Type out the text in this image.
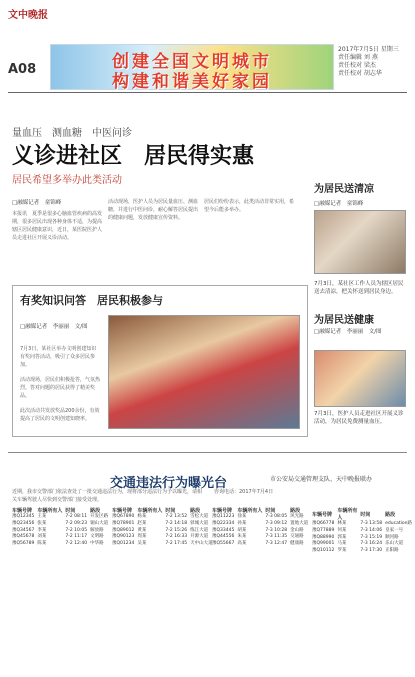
文中晚报
A08	创建全国文明城市
构建和谐美好家园
2017年7月5日 星期三
责任编辑 刘 燕
责任校对 梁杰
责任校对 胡志华
量血压　测血糖　中医问诊
义诊进社区　居民得实惠
居民希望多举办此类活动
□融媒记者　童锦峰
本报讯　夏季是很多心脑血管疾病的高发期，很多居民出现各种身体不适，为提高辖区居民健康意识，近日，某医院医护人员走进社区开展义诊活动。
活动现场，医护人员为居民量血压、测血糖，并进行中医问诊，耐心解答居民提出的健康问题，发放健康宣传资料。
居民们纷纷表示，此类活动非常实用，希望今后能多举办。
为居民送清凉
□融媒记者　童锦峰
7月3日，某社区工作人员为辖区居民送去清凉，把关怀送到居民身边。
为居民送健康
□融媒记者　李丽丽　文/图
7月3日，医护人员走进社区开展义诊活动，为居民免费测量血压。
有奖知识问答　居民积极参与
□融媒记者　李丽丽　文/图
7月3日，某社区举办文明创建知识有奖问答活动，吸引了众多居民参加。
活动现场，居民们积极抢答，气氛热烈。答对问题的居民获得了精美奖品。
此次活动共发放奖品200余份，有效提高了居民的文明创建知晓率。
交通违法行为曝光台	市公安局交通管理支队、天中晚报联办
近期，我市交警部门依法查处了一批交通违法行为，现将部分违法行为予以曝光，请相关车辆驾驶人尽快到交警部门接受处理。
咨询电话：2017年7月4日
车辆号牌	车辆所有人	时间	路段
豫Q12345	王某	7-2 08:11	开发区路
豫Q23456	张某	7-2 09:23	铜山大道
豫Q34567	李某	7-2 10:05	解放路
豫Q45678	刘某	7-2 11:17	文明路
豫Q56789	陈某	7-2 12:40	中华路
车辆号牌	车辆所有人	时间	路段
豫Q67890	杨某	7-2 13:52	雪松大道
豫Q78901	赵某	7-2 14:18	驿城大道
豫Q89012	黄某	7-2 15:26	练江大道
豫Q90123	周某	7-2 16:33	开源大道
豫Q01234	吴某	7-2 17:45	天中山大道
车辆号牌	车辆所有人	时间	路段
豫Q11223	徐某	7-3 08:05	风光路
豫Q22334	孙某	7-3 09:12	置地大道
豫Q33445	胡某	7-3 10:28	金山路
豫Q44556	朱某	7-3 11:35	交通路
豫Q55667	高某	7-3 12:47	健康路
车辆号牌	车辆所有人	时间	路段
豫Q66778	林某	7-3 13:58	education路
豫Q77889	何某	7-3 14:06	皇家一号
豫Q88990	郭某	7-3 15:19	顺河路
豫Q99001	马某	7-3 16:24	乐山大道
豫Q10112	罗某	7-3 17:30	正阳路
